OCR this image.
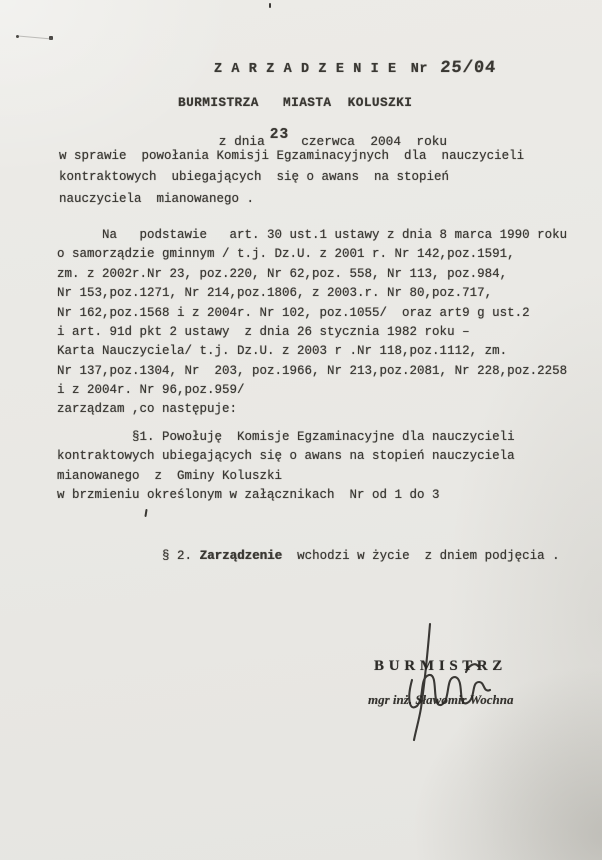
Z A R Z A D Z E N I E Nr 25/04
BURMISTRZA   MIASTA  KOLUSZKI

z dnia 23 czerwca  2004  roku

w sprawie  powołania Komisji Egzaminacyjnych  dla  nauczycieli
kontraktowych  ubiegających  się o awans  na stopień
nauczyciela  mianowanego .
Na   podstawie   art. 30 ust.1 ustawy z dnia 8 marca 1990 roku
o samorządzie gminnym / t.j. Dz.U. z 2001 r. Nr 142,poz.1591,
zm. z 2002r.Nr 23, poz.220, Nr 62,poz. 558, Nr 113, poz.984,
Nr 153,poz.1271, Nr 214,poz.1806, z 2003.r. Nr 80,poz.717,
Nr 162,poz.1568 i z 2004r. Nr 102, poz.1055/  oraz art9 g ust.2
i art. 91d pkt 2 ustawy  z dnia 26 stycznia 1982 roku –
Karta Nauczyciela/ t.j. Dz.U. z 2003 r .Nr 118,poz.1112, zm.
Nr 137,poz.1304, Nr  203, poz.1966, Nr 213,poz.2081, Nr 228,poz.2258
i z 2004r. Nr 96,poz.959/
zarządzam ,co następuje:
§1. Powołuję  Komisje Egzaminacyjne dla nauczycieli
kontraktowych ubiegających się o awans na stopień nauczyciela
mianowanego  z  Gminy Koluszki
w brzmieniu określonym w załącznikach  Nr od 1 do 3

§ 2. Zarządzenie  wchodzi w życie  z dniem podjęcia .

B U R M I S T R Z
mgr inż. Sławomir Wochna
